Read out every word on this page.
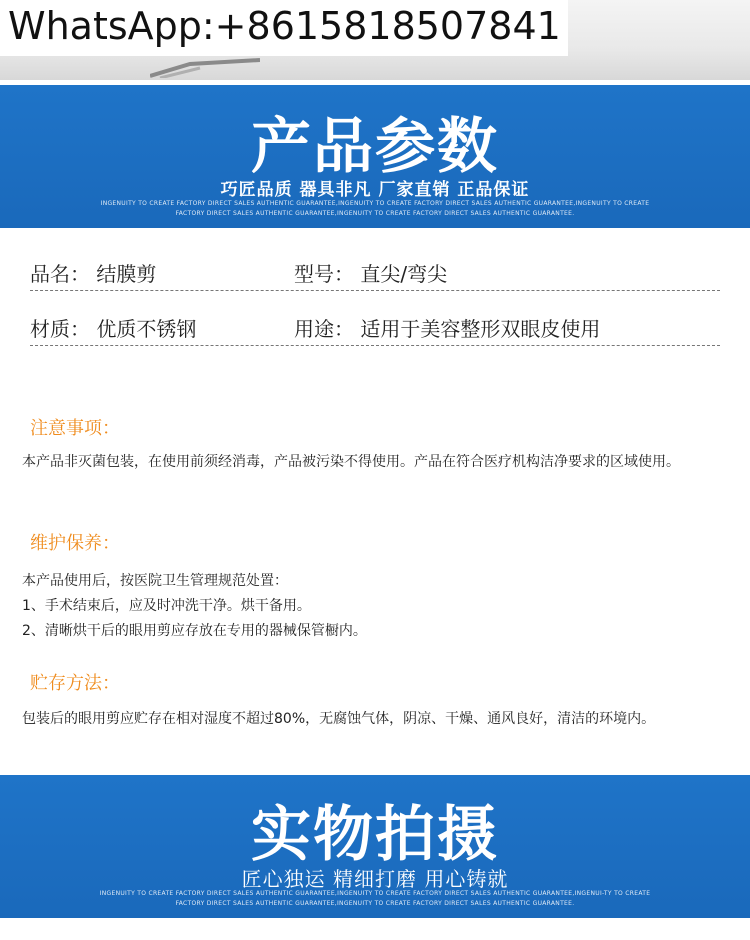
WhatsApp:+8615818507841
产品参数
巧匠品质 器具非凡 厂家直销 正品保证
INGENUITY TO CREATE FACTORY DIRECT SALES AUTHENTIC GUARANTEE,INGENUITY TO CREATE FACTORY DIRECT SALES AUTHENTIC GUARANTEE,INGENUITY TO CREATE FACTORY DIRECT SALES AUTHENTIC GUARANTEE,INGENUITY TO CREATE FACTORY DIRECT SALES AUTHENTIC GUARANTEE.
品名： 结膜剪	型号： 直尖/弯尖
材质： 优质不锈钢	用途： 适用于美容整形双眼皮使用
注意事项：
本产品非灭菌包装，在使用前须经消毒，产品被污染不得使用。产品在符合医疗机构洁净要求的区域使用。
维护保养：
本产品使用后，按医院卫生管理规范处置：
1、手术结束后，应及时冲洗干净。烘干备用。
2、清晰烘干后的眼用剪应存放在专用的器械保管橱内。
贮存方法：
包装后的眼用剪应贮存在相对湿度不超过80%，无腐蚀气体，阴凉、干燥、通风良好，清洁的环境内。
实物拍摄
匠心独运 精细打磨 用心铸就
INGENUITY TO CREATE FACTORY DIRECT SALES AUTHENTIC GUARANTEE,INGENUITY TO CREATE FACTORY DIRECT SALES AUTHENTIC GUARANTEE,INGENUI-TY TO CREATE FACTORY DIRECT SALES AUTHENTIC GUARANTEE,INGENUITY TO CREATE FACTORY DIRECT SALES AUTHENTIC GUARANTEE.
